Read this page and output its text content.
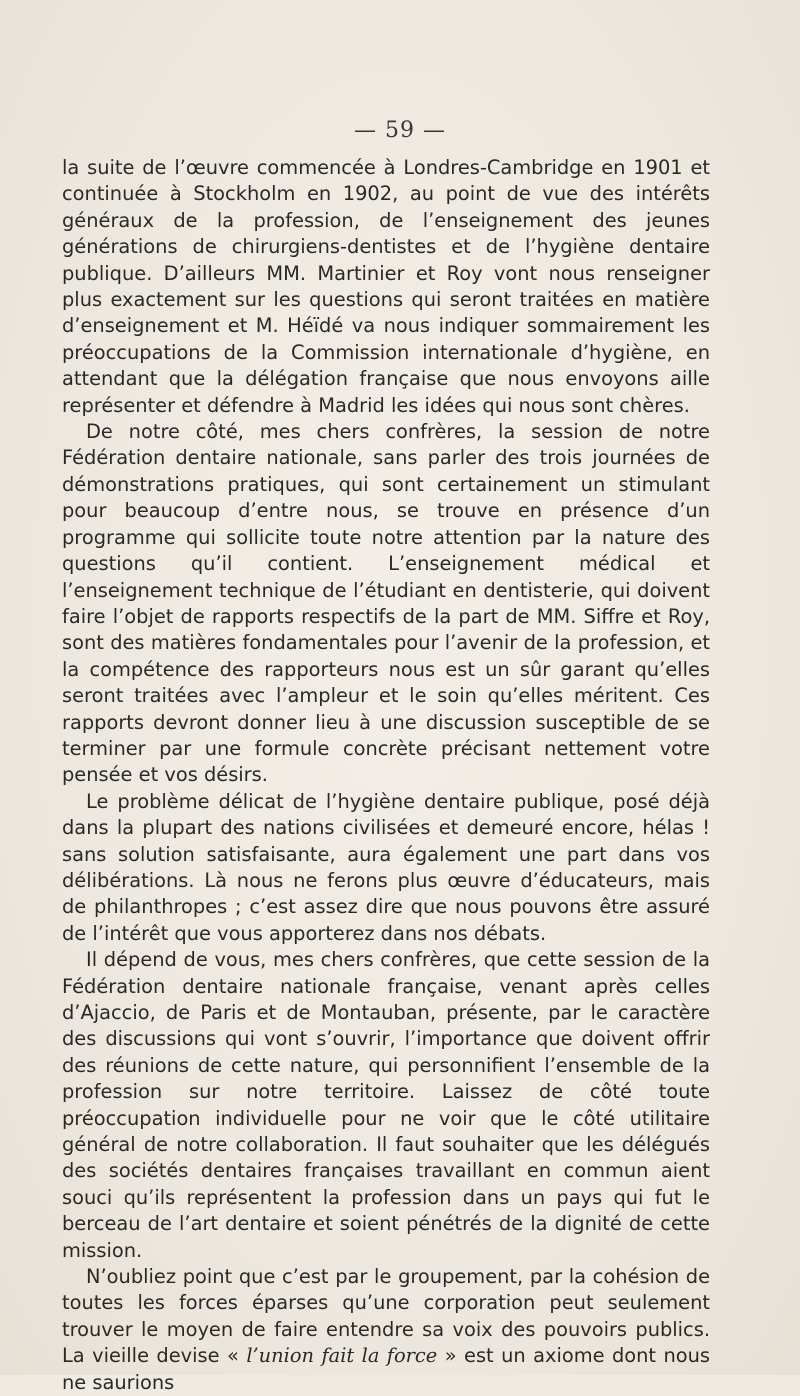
— 59 —

la suite de l’œuvre commencée à Londres-Cambridge en 1901 et continuée à Stockholm en 1902, au point de vue des intérêts généraux de la profession, de l’enseignement des jeunes générations de chirurgiens-dentistes et de l’hygiène dentaire publique. D’ailleurs MM. Martinier et Roy vont nous renseigner plus exactement sur les questions qui seront traitées en matière d’enseignement et M. Héïdé va nous indiquer sommairement les préoccupations de la Commission internationale d’hygiène, en attendant que la délégation française que nous envoyons aille représenter et défendre à Madrid les idées qui nous sont chères.

De notre côté, mes chers confrères, la session de notre Fédération dentaire nationale, sans parler des trois journées de démonstrations pratiques, qui sont certainement un stimulant pour beaucoup d’entre nous, se trouve en présence d’un programme qui sollicite toute notre attention par la nature des questions qu’il contient. L’enseignement médical et l’enseignement technique de l’étudiant en dentisterie, qui doivent faire l’objet de rapports respectifs de la part de MM. Siffre et Roy, sont des matières fondamentales pour l’avenir de la profession, et la compétence des rapporteurs nous est un sûr garant qu’elles seront traitées avec l’ampleur et le soin qu’elles méritent. Ces rapports devront donner lieu à une discussion susceptible de se terminer par une formule concrète précisant nettement votre pensée et vos désirs.

Le problème délicat de l’hygiène dentaire publique, posé déjà dans la plupart des nations civilisées et demeuré encore, hélas ! sans solution satisfaisante, aura également une part dans vos délibérations. Là nous ne ferons plus œuvre d’éducateurs, mais de philanthropes ; c’est assez dire que nous pouvons être assuré de l’intérêt que vous apporterez dans nos débats.

Il dépend de vous, mes chers confrères, que cette session de la Fédération dentaire nationale française, venant après celles d’Ajaccio, de Paris et de Montauban, présente, par le caractère des discussions qui vont s’ouvrir, l’importance que doivent offrir des réunions de cette nature, qui personnifient l’ensemble de la profession sur notre territoire. Laissez de côté toute préoccupation individuelle pour ne voir que le côté utilitaire général de notre collaboration. Il faut souhaiter que les délégués des sociétés dentaires françaises travaillant en commun aient souci qu’ils représentent la profession dans un pays qui fut le berceau de l’art dentaire et soient pénétrés de la dignité de cette mission.

N’oubliez point que c’est par le groupement, par la cohésion de toutes les forces éparses qu’une corporation peut seulement trouver le moyen de faire entendre sa voix des pouvoirs publics. La vieille devise « l’union fait la force » est un axiome dont nous ne saurions
